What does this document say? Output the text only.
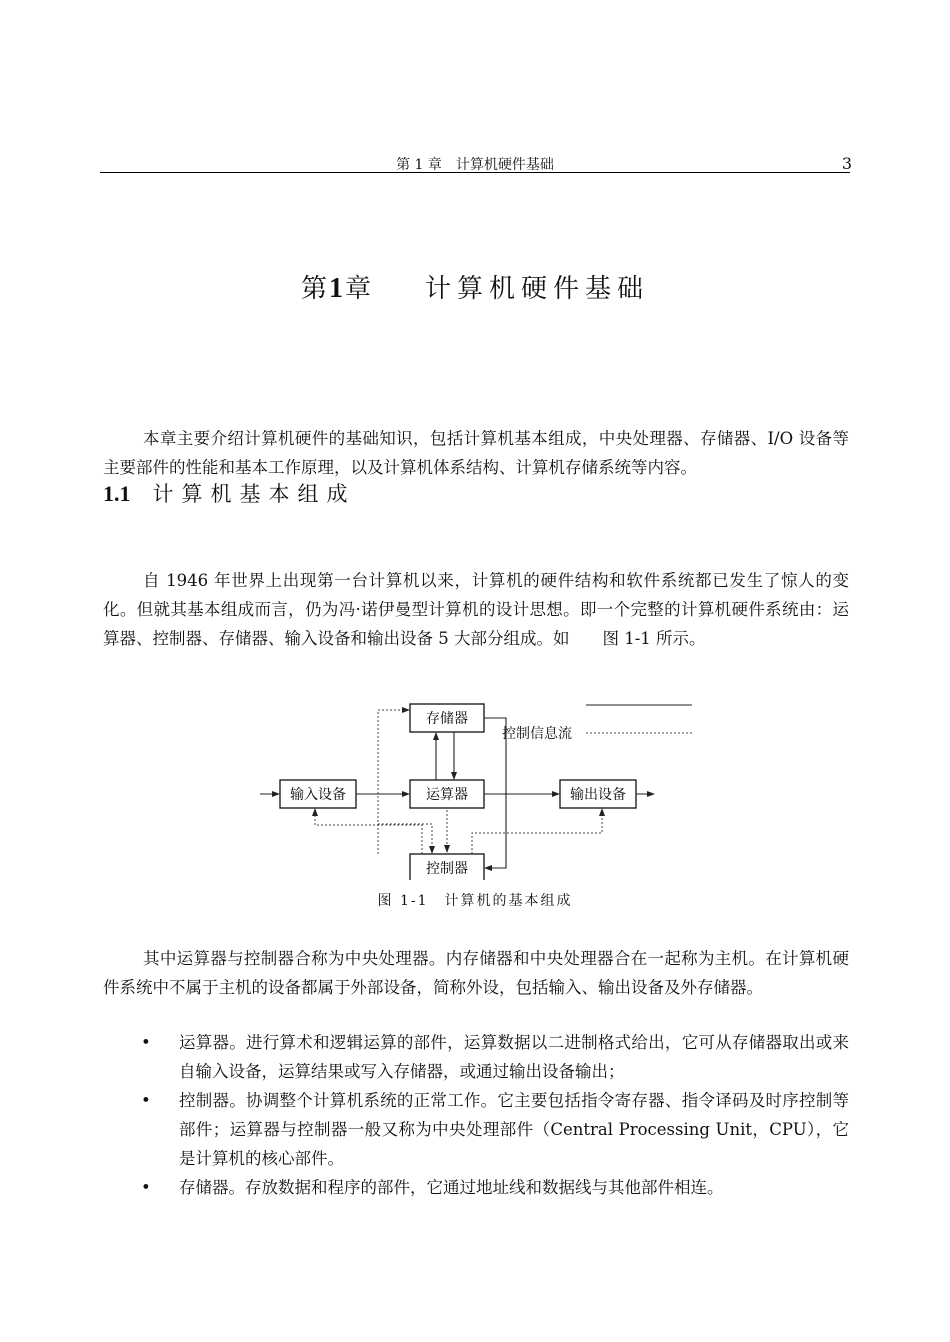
第 1 章　计算机硬件基础	3
第1章 计算机硬件基础

本章主要介绍计算机硬件的基础知识，包括计算机基本组成，中央处理器、存储器、I/O 设备等主要部件的性能和基本工作原理，以及计算机体系结构、计算机存储系统等内容。

1.1 计算机基本组成

自 1946 年世界上出现第一台计算机以来，计算机的硬件结构和软件系统都已发生了惊人的变化。但就其基本组成而言，仍为冯·诺伊曼型计算机的设计思想。即一个完整的计算机硬件系统由：运算器、控制器、存储器、输入设备和输出设备 5 大部分组成。如　　图 1-1 所示。

控制信息流
存储器
输入设备	运算器	输出设备
控制器
图 1-1　计算机的基本组成

其中运算器与控制器合称为中央处理器。内存储器和中央处理器合在一起称为主机。在计算机硬件系统中不属于主机的设备都属于外部设备，简称外设，包括输入、输出设备及外存储器。

• 运算器。进行算术和逻辑运算的部件，运算数据以二进制格式给出，它可从存储器取出或来自输入设备，运算结果或写入存储器，或通过输出设备输出；
• 控制器。协调整个计算机系统的正常工作。它主要包括指令寄存器、指令译码及时序控制等部件；运算器与控制器一般又称为中央处理部件（Central Processing Unit，CPU），它是计算机的核心部件。
• 存储器。存放数据和程序的部件，它通过地址线和数据线与其他部件相连。
